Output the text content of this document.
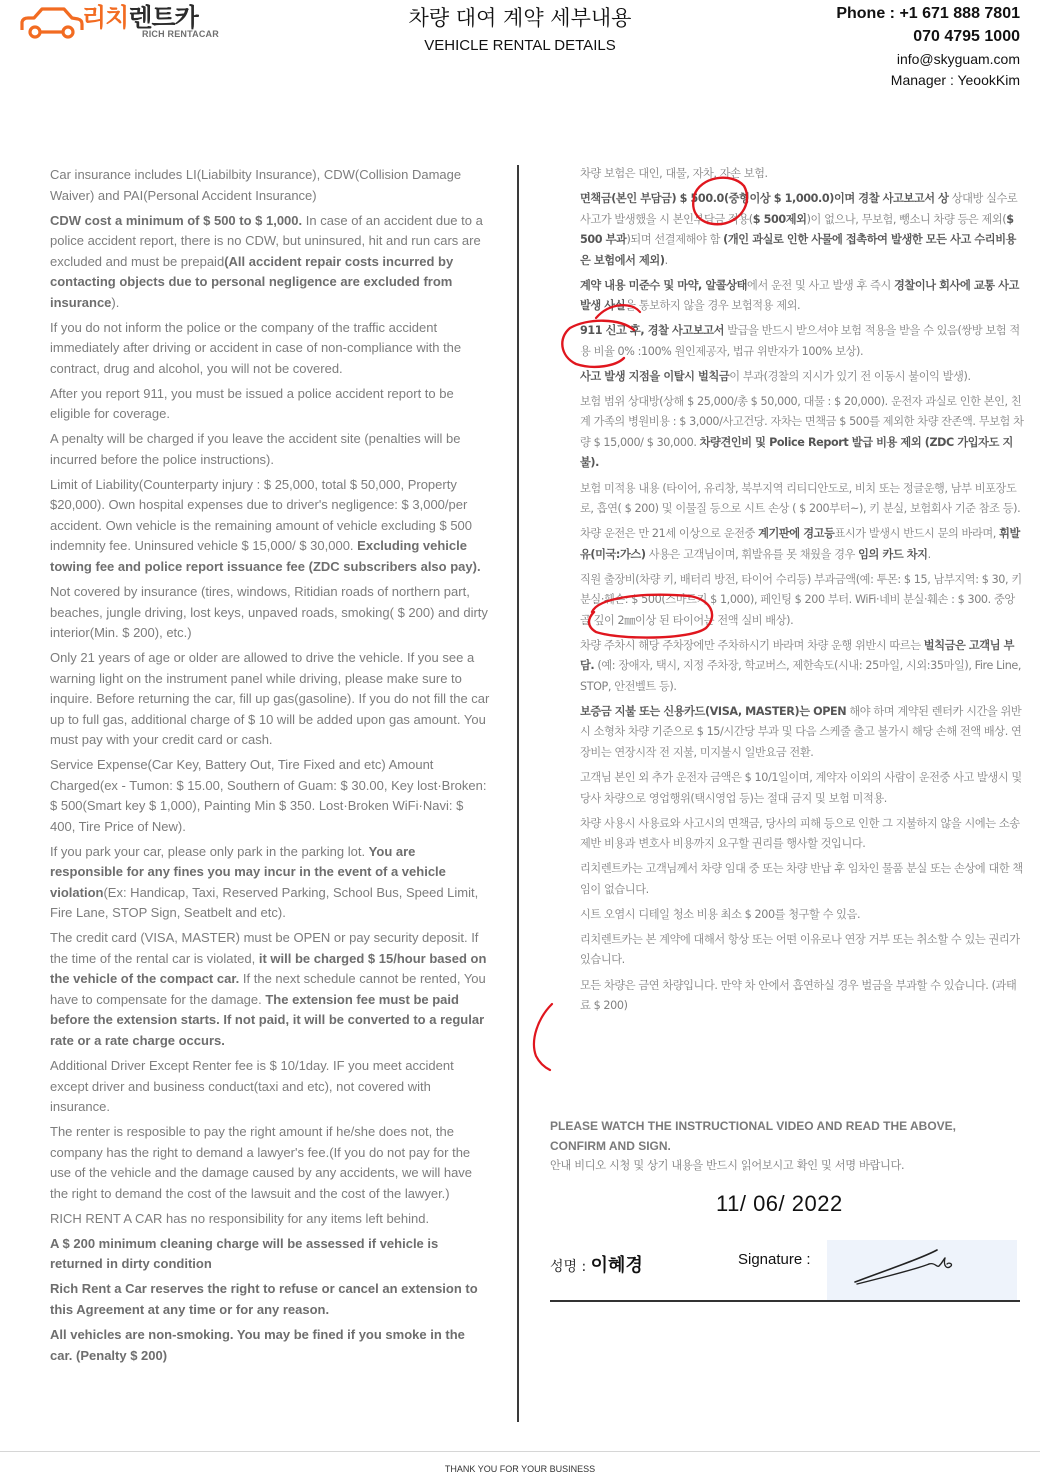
리치렌트카
RICH RENTACAR
차량 대여 계약 세부내용
VEHICLE RENTAL DETAILS
Phone : +1 671 888 7801
070 4795 1000
info@skyguam.com
Manager : YeookKim

Car insurance includes LI(Liabilbity Insurance), CDW(Collision Damage Waiver) and PAI(Personal Accident Insurance)

CDW cost a minimum of $ 500 to $ 1,000. In case of an accident due to a police accident report, there is no CDW, but uninsured, hit and run cars are excluded and must be prepaid(All accident repair costs incurred by contacting objects due to personal negligence are excluded from insurance).

If you do not inform the police or the company of the traffic accident immediately after driving or accident in case of non-compliance with the contract, drug and alcohol, you will not be covered.

After you report 911, you must be issued a police accident report to be eligible for coverage.

A penalty will be charged if you leave the accident site (penalties will be incurred before the police instructions).

Limit of Liability(Counterparty injury : $ 25,000, total $ 50,000, Property $20,000). Own hospital expenses due to driver's negligence: $ 3,000/per accident. Own vehicle is the remaining amount of vehicle excluding $ 500 indemnity fee. Uninsured vehicle $ 15,000/ $ 30,000. Excluding vehicle towing fee and police report issuance fee (ZDC subscribers also pay).

Not covered by insurance (tires, windows, Ritidian roads of northern part, beaches, jungle driving, lost keys, unpaved roads, smoking( $ 200) and dirty interior(Min. $ 200), etc.)

Only 21 years of age or older are allowed to drive the vehicle. If you see a warning light on the instrument panel while driving, please make sure to inquire. Before returning the car, fill up gas(gasoline). If you do not fill the car up to full gas, additional charge of $ 10 will be added upon gas amount. You must pay with your credit card or cash.

Service Expense(Car Key, Battery Out, Tire Fixed and etc) Amount Charged(ex - Tumon: $ 15.00, Southern of Guam: $ 30.00, Key lost·Broken: $ 500(Smart key $ 1,000), Painting Min $ 350. Lost·Broken WiFi·Navi: $ 400, Tire Price of New).

If you park your car, please only park in the parking lot. You are responsible for any fines you may incur in the event of a vehicle violation(Ex: Handicap, Taxi, Reserved Parking, School Bus, Speed Limit, Fire Lane, STOP Sign, Seatbelt and etc).

The credit card (VISA, MASTER) must be OPEN or pay security deposit. If the time of the rental car is violated, it will be charged $ 15/hour based on the vehicle of the compact car. If the next schedule cannot be rented, You have to compensate for the damage. The extension fee must be paid before the extension starts. If not paid, it will be converted to a regular rate or a rate charge occurs.

Additional Driver Except Renter fee is $ 10/1day. IF you meet accident except driver and business conduct(taxi and etc), not covered with insurance.

The renter is resposible to pay the right amount if he/she does not, the company has the right to demand a lawyer's fee.(If you do not pay for the use of the vehicle and the damage caused by any accidents, we will have the right to demand the cost of the lawsuit and the cost of the lawyer.)

RICH RENT A CAR has no responsibility for any items left behind.

A $ 200 minimum cleaning charge will be assessed if vehicle is returned in dirty condition

Rich Rent a Car reserves the right to refuse or cancel an extension to this Agreement at any time or for any reason.

All vehicles are non-smoking. You may be fined if you smoke in the car. (Penalty $ 200)

차량 보험은 대인, 대물, 자차, 자손 보험.

면책금(본인 부담금) $ 500.0(중형이상 $ 1,000.0)이며 경찰 사고보고서 상 상대방 실수로 사고가 발생했을 시 본인부담금 적용($ 500제외)이 없으나, 무보험, 뺑소니 차량 등은 제외($ 500 부과)되며 선결제해야 함 (개인 과실로 인한 사물에 접촉하여 발생한 모든 사고 수리비용은 보험에서 제외).

계약 내용 미준수 및 마약, 알콜상태에서 운전 및 사고 발생 후 즉시 경찰이나 회사에 교통 사고 발생 사실을 통보하지 않을 경우 보험적용 제외.

911 신고 후, 경찰 사고보고서 발급을 반드시 받으셔야 보험 적용을 받을 수 있음(쌍방 보험 적용 비율 0% :100% 원인제공자, 법규 위반자가 100% 보상).

사고 발생 지점을 이탈시 벌칙금이 부과(경찰의 지시가 있기 전 이동시 불이익 발생).

보험 범위 상대방(상해 $ 25,000/총 $ 50,000, 대물 : $ 20,000). 운전자 과실로 인한 본인, 친계 가족의 병원비용 : $ 3,000/사고건당. 자차는 면책금 $ 500를 제외한 차량 잔존액. 무보험 차량 $ 15,000/ $ 30,000. 차량견인비 및 Police Report 발급 비용 제외 (ZDC 가입자도 지불).

보험 미적용 내용 (타이어, 유리창, 북부지역 리티디안도로, 비치 또는 정글운행, 남부 비포장도로, 흡연( $ 200) 및 이물질 등으로 시트 손상 ( $ 200부터~), 키 분실, 보험회사 기준 참조 등).

차량 운전은 만 21세 이상으로 운전중 계기판에 경고등표시가 발생시 반드시 문의 바라며, 휘발유(미국:가스) 사용은 고객님이며, 휘발유를 못 채웠을 경우 임의 카드 차지.

직원 출장비(차량 키, 배터리 방전, 타이어 수리등) 부과금액(예: 투몬: $ 15, 남부지역: $ 30, 키분실·훼손: $ 500(스마트키 $ 1,000), 페인팅 $ 200 부터. WiFi·네비 분실·훼손 : $ 300. 중앙 골 깊이 2㎜이상 된 타이어는 전액 실비 배상).

차량 주차시 해당 주차장에만 주차하시기 바라며 차량 운행 위반시 따르는 벌칙금은 고객님 부담. (예: 장애자, 택시, 지정 주차장, 학교버스, 제한속도(시내: 25마일, 시외:35마일), Fire Line, STOP, 안전벨트 등).

보증금 지불 또는 신용카드(VISA, MASTER)는 OPEN 해야 하며 계약된 렌터카 시간을 위반시 소형차 차량 기준으로 $ 15/시간당 부과 및 다음 스케줄 출고 불가시 해당 손해 전액 배상. 연장비는 연장시작 전 지불, 미지불시 일반요금 전환.

고객님 본인 외 추가 운전자 금액은 $ 10/1일이며, 계약자 이외의 사람이 운전중 사고 발생시 및 당사 차량으로 영업행위(택시영업 등)는 절대 금지 및 보험 미적용.

차량 사용시 사용료와 사고시의 면책금, 당사의 피해 등으로 인한 그 지불하지 않을 시에는 소송제반 비용과 변호사 비용까지 요구할 권리를 행사할 것입니다.

리치렌트카는 고객님께서 차량 임대 중 또는 차량 반납 후 임차인 물품 분실 또는 손상에 대한 책임이 없습니다.

시트 오염시 디테일 청소 비용 최소 $ 200를 청구할 수 있음.

리치렌트카는 본 계약에 대해서 항상 또는 어떤 이유로나 연장 거부 또는 취소할 수 있는 권리가 있습니다.

모든 차량은 금연 차량입니다. 만약 차 안에서 흡연하실 경우 벌금을 부과할 수 있습니다. (과태료 $ 200)

PLEASE WATCH THE INSTRUCTIONAL VIDEO AND READ THE ABOVE, CONFIRM AND SIGN.
안내 비디오 시청 및 상기 내용을 반드시 읽어보시고 확인 및 서명 바랍니다.
11/ 06/ 2022
성명 : 이혜경	Signature :
THANK YOU FOR YOUR BUSINESS
